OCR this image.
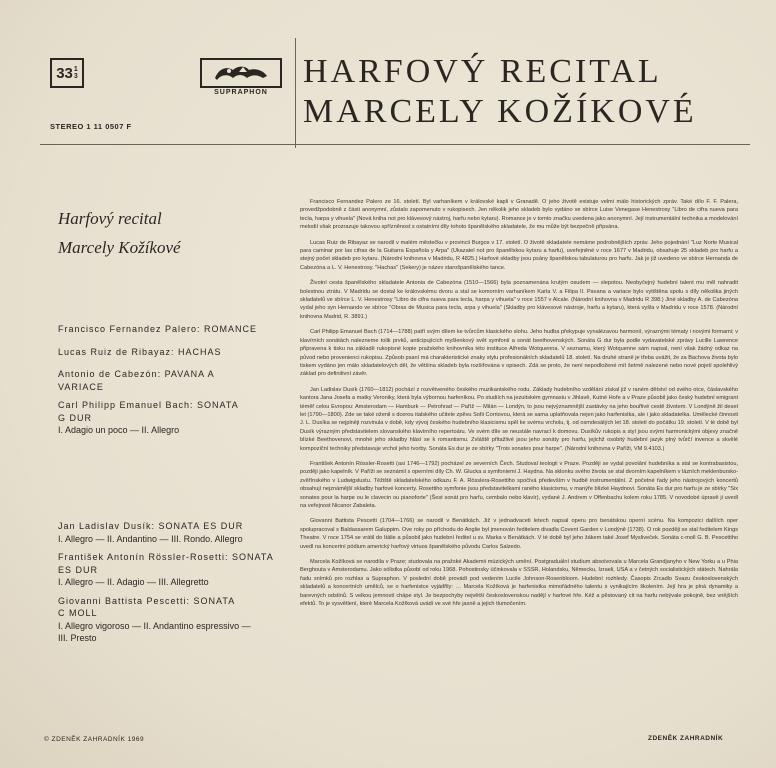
33 1
3
SUPRAPHON
STEREO 1 11 0507 F
HARFOVÝ RECITAL
MARCELY KOŽÍKOVÉ
Harfový recital
Marcely Kožíkové

Francisco Fernandez Palero: ROMANCE

Lucas Ruiz de Ribayaz: HACHAS

Antonio de Cabezón: PAVANA A

VARIACE

Carl Philipp Emanuel Bach: SONATA

G DUR

I. Adagio un poco — II. Allegro

Jan Ladislav Dusík: SONATA ES DUR

I. Allegro — II. Andantino — III. Rondo. Allegro

František Antonín Rössler-Rosetti: SONATA

ES DUR

I. Allegro — II. Adagio — III. Allegretto

Giovanni Battista Pescetti: SONATA

C MOLL

I. Allegro vigoroso — II. Andantino espressivo —

III. Presto

© ZDENĚK ZAHRADNÍK 1969

Francisco Fernandez Palero ze 16. století. Byl varhaníkem v královské kapli v Granadě. O jeho životě existuje velmi málo historických zpráv. Také dílo F. F. Palera, provedžpodobně z části anonymní, zůstalo zapomenuto v rukopisech. Jen několik jeho skladeb bylo vydáno ve sbírce Luise Venegase Henestrosy "Libro de cifra nueva para tecla, harpa y vihuela" (Nová kniha not pro klávesový nástroj, harfu nebo kytaru). Romance je v tomto značku uvedena jako anonymní. Její instrumentální technika a modelování melodií však prozrazuje takovou spřízněnost s ostatními díly tohoto španělského skladatele, že mu může být bezpečně připsána.

Lucas Ruiz de Ribayaz se narodil v malém městečku v provincii Burgos v 17. století. O životě skladatele nemáme podrobnějších zpráv. Jeho pojednání "Luz Norte Musical para caminar por las cifras de la Guitarra Española y Arpa" (Ukazatel not pro španělskou kytaru a harfu), uveřejněné v roce 1677 v Madridu, obsahuje 25 skladeb pro harfu a stejný počet skladeb pro kytaru. (Národní knihovna v Madridu, R 4825.) Harfové skladby jsou psány španělskou tabulaturou pro harfu. Jak je již uvedeno ve sbírce Hernanda de Cabezóna a L. V. Henestrosy. "Hachas" (Sekery) je název starošpanělského tance.

Životní cesta španělského skladatele Antonia de Cabezóna (1510—1566) byla poznamenána krutým osudem — slepotou. Neobyčejný hudební talent mu měl nahradit bolestnou ztrátu. V Madridu se dostal ke královskému dvoru a stal se komorním varhaníkem Karla V. a Filipa II. Pavana a variace bylo vytištěna spolu s díly několika jiných skladatelů ve sbírce L. V. Henestrosy "Libro de cifra nueva para tecla, harpa y vihuela" v roce 1557 v Alcale. (Národní knihovna v Madridu R 398.) Jiné skladby A. de Cabezóna vydal jeho syn Hernando ve sbírce "Obras de Musica para tecla, arpa y vihuela" (Skladby pro klávesové nástroje, harfu a kytaru), která vyšla v Madridu v roce 1578. (Národní knihovna Madrid, R. 3891.)

Carl Philipp Emanuel Bach (1714—1788) patří svým dílem ke tvůrcům klasického slohu. Jeho hudba překypuje vynalézavou harmonií, výraznými tématy i novými formami; v klavírních sonátách nalezneme tolik prvků, anticipujících myšlenkový svět symfonií a sonát beethovenských. Sonáta G dur byla podle vydavatelské zprávy Lucille Lawrence připravena k tisku na základě rukopisné kopie pražského knihovníka této instituce Alfreda Wotquenna. V seznamu, který Wotquenne sám napsal, není však žádný odkaz na původ nebo provenienci rukopisu. Způsob psaní má charakteristické znaky stylu profesionálních skladatelů 18. století. Na druhé straně je třeba uvážit, že za Bachova života bylo tiskem vydáno jen málo skladatelových děl, že většina skladeb byla rozšiřována v opisech. Zdá se proto, že není nepodložené mít šetrně nalezené nebo nové pojetí spolehlivý základ pro definitivní závěr.

Jan Ladislav Dusík (1760—1812) pochází z rozvětveného českého muzikantského rodu. Základy hudebního vzdělání získal již v raném dětství od svého otce, čáslavského kantora Jana Josefa a matky Veroniky, která byla výbornou harfeníkou. Po studiích na jezuitském gymnasiu v Jihlavě, Kutné Hoře a v Praze působil jako český hudební emigrant téměř celou Evropou: Amsterodam — Hamburk — Petrohrad — Paříž — Milán — Londýn, to jsou nejvýznamnější zastávky na jeho bouřlivé cestě životem. V Londýně žil deset let (1790—1800). Zde se také oženil s dcerou italského učitele zpěvu Sofii Corriovou, která se sama uplatňovala nejen jako harfenistka, ale i jako skladatelka. Umělecké činnosti J. L. Dusíka se nejplněji rozvinula v době, kdy vývoj českého hudebního klasicismu spěl ke svému vrcholu, tj. od osmdesátých let 18. století do počátku 19. století. V té době byl Dusík výrazným představitelem slovanského klavírního repertoáru. Ve svém díle se neustále navrací k domovu. Dusíkův rukopis a styl jsou svými harmonickými objevy značně blízké Beethovenovi, mnohé jeho skladby hlásí se k romantismu. Zvláště přitažlivé jsou jeho sonáty pro harfu, jejichž osobitý hudební jazyk plný tvůrčí invence a skvělé kompoziční techniky představuje vrchol jeho tvorby. Sonáta Es dur je ze sbírky "Trois sonates pour harpe". (Národní knihovna v Paříži, VM 9.4103.)

František Antonín Rössler-Rosetti (asi 1746—1792) pocházel ze severních Čech. Studoval teologii v Praze. Později se vydal povolání hudebníka a stal se kontrabasistou, později jako kapelník. V Paříži se seznámil s operními díly Ch. W. Glucka a symfoniemi J. Haydna. Na sklonku svého života se stal dvorním kapelníkem v lázních meklenbursko-zvěřínského v Ludwigslustu. Těžiště skladatelského odkazu F. A. Rösslera-Rosettiho spočívá především v hudbě instrumentální. Z početné řady jeho nástrojových koncertů obsahují nejznámější skladby harfové koncerty. Rosettiho symfonie jsou představitelkami raného klasicismu, v manýře blízké Haydnovi. Sonáta Es dur pro harfu je ze sbírky "Six sonates pour la harpe ou le clavecin ou pianoforte" (Šest sonát pro harfu, cembalo nebo klavír), vydané J. Andrem v Offenbachu kolem roku 1785. V novodobé úpravě ji uvedl na veřejnost Nicanor Zabaleta.

Giovanni Battista Pescetti (1704—1766) se narodil v Benátkách. Již v jednadvaceti letech napsal operu pro benátskou operní scénu. Na kompozici dalších oper spolupracoval s Baldassarem Galuppim. Ove roky po příchodu do Anglie byl jmenován ředitelem divadla Covent Garden v Londýně (1738). O rok později se stal ředitelem Kings Theatre. V roce 1754 se vrátil do Itálie a působil jako hudební ředitel u sv. Marka v Benátkách. V té době byl jeho žákem také Josef Mysliveček. Sonáta c-moll G. B. Pescettiho uvedl na koncertní pódium americký harfový virtuos španělského původu Carlos Salzedo.

Marcela Kožíková se narodila v Praze; studovala na pražské Akademii múzických umění. Postgraduální studium absolvovala u Marcela Grandjanyho v New Yorku a u Phia Berghouta v Amsterodamu. Jako sólistka působí od roku 1968. Pohostinsky účinkovala v SSSR, Holandsku, Německu, Izraeli, USA a v četných socialistických státech. Nahrála řadu snímků pro rozhlas a Supraphon. V poslední době provádí pod vedením Lucile Johnson-Rosenbloom. Hudební rozhledy. Časopis Zrcadlo Svazu československých skladatelů a koncertních umělců, se o harfenistce vyjádřily: … Marcela Kožíková je harfenistka mimořádného talentu s vynikajícím školením. Její hra je plná dynamiky a barevných odstínů. S velkou jemností chápe styl. Je bezpochyby největší československou nadějí v harfové hře. Kéž a pěstovaný cit na harfu nebývale pokojně, bez vnějších efektů. To je vysvětlení, které Marcela Kožíková uvádí ve své hře jasně a jejich tlumočením.

ZDENĚK ZAHRADNÍK
